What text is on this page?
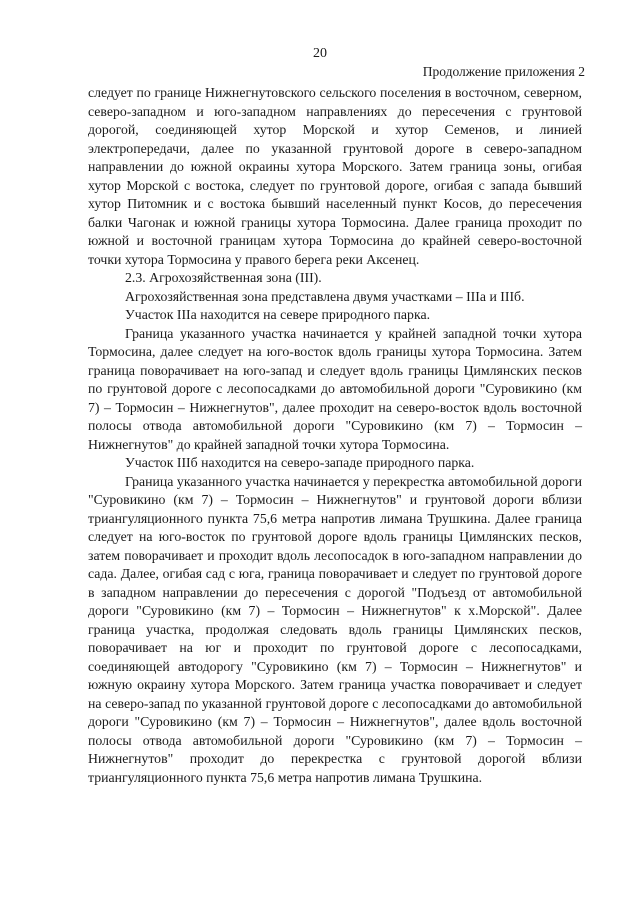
20
Продолжение приложения 2

следует по границе Нижнегнутовского сельского поселения в восточном, северном, северо-западном и юго-западном направлениях до пересечения с грунтовой дорогой, соединяющей хутор Морской и хутор Семенов, и линией электропередачи, далее по указанной грунтовой дороге в северо-западном направлении до южной окраины хутора Морского. Затем граница зоны, огибая хутор Морской с востока, следует по грунтовой дороге, огибая с запада бывший хутор Питомник и с востока бывший населенный пункт Косов, до пересечения балки Чагонак и южной границы хутора Тормосина. Далее граница проходит по южной и восточной границам хутора Тормосина до крайней северо-восточной точки хутора Тормосина у правого берега реки Аксенец.

2.3. Агрохозяйственная зона (III).

Агрохозяйственная зона представлена двумя участками – IIIа и IIIб.

Участок IIIа находится на севере природного парка.

Граница указанного участка начинается у крайней западной точки хутора Тормосина, далее следует на юго-восток вдоль границы хутора Тормосина. Затем граница поворачивает на юго-запад и следует вдоль границы Цимлянских песков по грунтовой дороге с лесопосадками до автомобильной дороги "Суровикино (км 7) – Тормосин – Нижнегнутов", далее проходит на северо-восток вдоль восточной полосы отвода автомобильной дороги "Суровикино (км 7) – Тормосин – Нижнегнутов" до крайней западной точки хутора Тормосина.

Участок IIIб находится на северо-западе природного парка.

Граница указанного участка начинается у перекрестка автомобильной дороги "Суровикино (км 7) – Тормосин – Нижнегнутов" и грунтовой дороги вблизи триангуляционного пункта 75,6 метра напротив лимана Трушкина. Далее граница следует на юго-восток по грунтовой дороге вдоль границы Цимлянских песков, затем поворачивает и проходит вдоль лесопосадок в юго-западном направлении до сада. Далее, огибая сад с юга, граница поворачивает и следует по грунтовой дороге в западном направлении до пересечения с дорогой "Подъезд от автомобильной дороги "Суровикино (км 7) – Тормосин – Нижнегнутов" к х.Морской". Далее граница участка, продолжая следовать вдоль границы Цимлянских песков, поворачивает на юг и проходит по грунтовой дороге с лесопосадками, соединяющей автодорогу "Суровикино (км 7) – Тормосин – Нижнегнутов" и южную окраину хутора Морского. Затем граница участка поворачивает и следует на северо-запад по указанной грунтовой дороге с лесопосадками до автомобильной дороги "Суровикино (км 7) – Тормосин – Нижнегнутов", далее вдоль восточной полосы отвода автомобильной дороги "Суровикино (км 7) – Тормосин – Нижнегнутов" проходит до перекрестка с грунтовой дорогой вблизи триангуляционного пункта 75,6 метра напротив лимана Трушкина.
